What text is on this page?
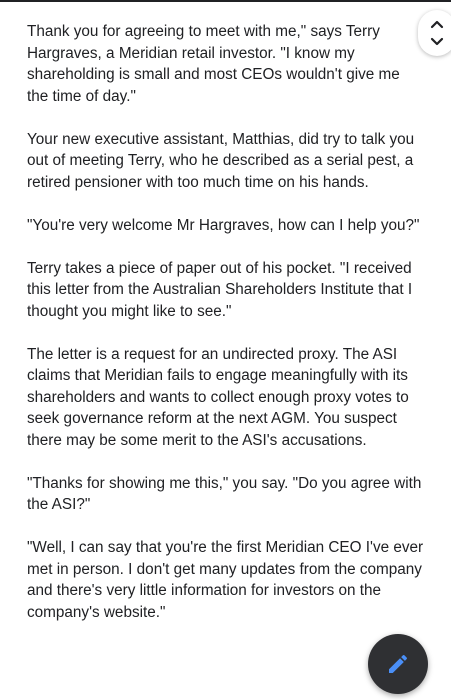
Thank you for agreeing to meet with me," says Terry Hargraves, a Meridian retail investor. "I know my shareholding is small and most CEOs wouldn't give me the time of day."

Your new executive assistant, Matthias, did try to talk you out of meeting Terry, who he described as a serial pest, a retired pensioner with too much time on his hands.

"You're very welcome Mr Hargraves, how can I help you?"

Terry takes a piece of paper out of his pocket. "I received this letter from the Australian Shareholders Institute that I thought you might like to see."

The letter is a request for an undirected proxy. The ASI claims that Meridian fails to engage meaningfully with its shareholders and wants to collect enough proxy votes to seek governance reform at the next AGM. You suspect there may be some merit to the ASI's accusations.

"Thanks for showing me this," you say. "Do you agree with the ASI?"

"Well, I can say that you're the first Meridian CEO I've ever met in person. I don't get many updates from the company and there's very little information for investors on the company's website."
